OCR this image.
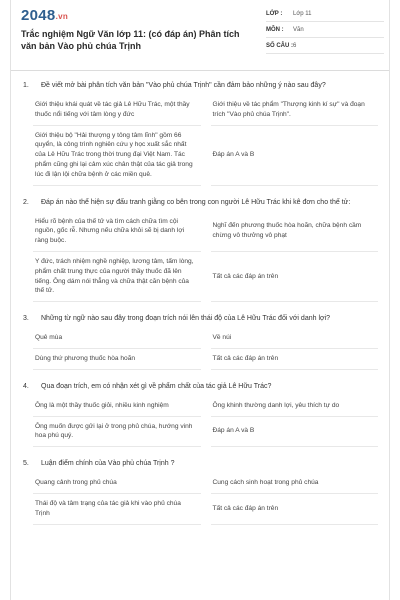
2048.vn
Trắc nghiệm Ngữ Văn lớp 11: (có đáp án) Phân tích văn bản Vào phủ chúa Trịnh
LỚP :	Lớp 11
MÔN :	Văn
SỐ CÂU : 6
1.	Đề viết mở bài phân tích văn bản "Vào phủ chúa Trịnh" cần đảm bảo những ý nào sau đây?
Giới thiệu khái quát về tác giả Lê Hữu Trác, một thầy thuốc nổi tiếng với tâm lòng y đức
Giới thiệu về tác phẩm "Thượng kinh kí sự" và đoạn trích "Vào phủ chúa Trịnh".
Giới thiệu bộ "Hải thượng y tông tâm lĩnh" gồm 66 quyển, là công trình nghiên cứu y học xuất sắc nhất của Lê Hữu Trác trong thời trung đại Việt Nam. Tác phẩm cũng ghi lại cảm xúc chân thật của tác giả trong lúc đi lận lội chữa bệnh ở các miền quê.
Đáp án A và B
2.	Đáp án nào thể hiện sự đấu tranh giằng co bên trong con người Lê Hữu Trác khi kê đơn cho thế tử:
Hiểu rõ bệnh của thế tử và tìm cách chữa tìm cội nguồn, gốc rễ. Nhưng nếu chữa khỏi sẽ bị danh lợi ràng buộc.
Nghĩ đến phương thuốc hòa hoãn, chữa bệnh cầm chừng vô thưởng vô phạt
Y đức, trách nhiệm nghề nghiệp, lương tâm, tấm lòng, phẩm chất trung thực của người thầy thuốc đã lên tiếng. Ông dám nói thẳng và chữa thật căn bệnh của thế tử.
Tất cả các đáp án trên
3.	Những từ ngữ nào sau đây trong đoạn trích nói lên thái độ của Lê Hữu Trác đối với danh lợi?
Quê mùa	Về núi
Dùng thứ phương thuốc hòa hoãn	Tất cả các đáp án trên
4.	Qua đoạn trích, em có nhận xét gì về phẩm chất của tác giả Lê Hữu Trác?
Ông là một thầy thuốc giỏi, nhiều kinh nghiệm	Ông khinh thường danh lợi, yêu thích tự do
Ông muốn được gửi lại ở trong phủ chúa, hướng vinh hoa phú quý.
Đáp án A và B
5.	Luận điểm chính của Vào phủ chúa Trịnh ?
Quang cảnh trong phủ chúa	Cung cách sinh hoạt trong phủ chúa
Thái độ và tâm trạng của tác giả khi vào phủ chúa Trịnh
Tất cả các đáp án trên
